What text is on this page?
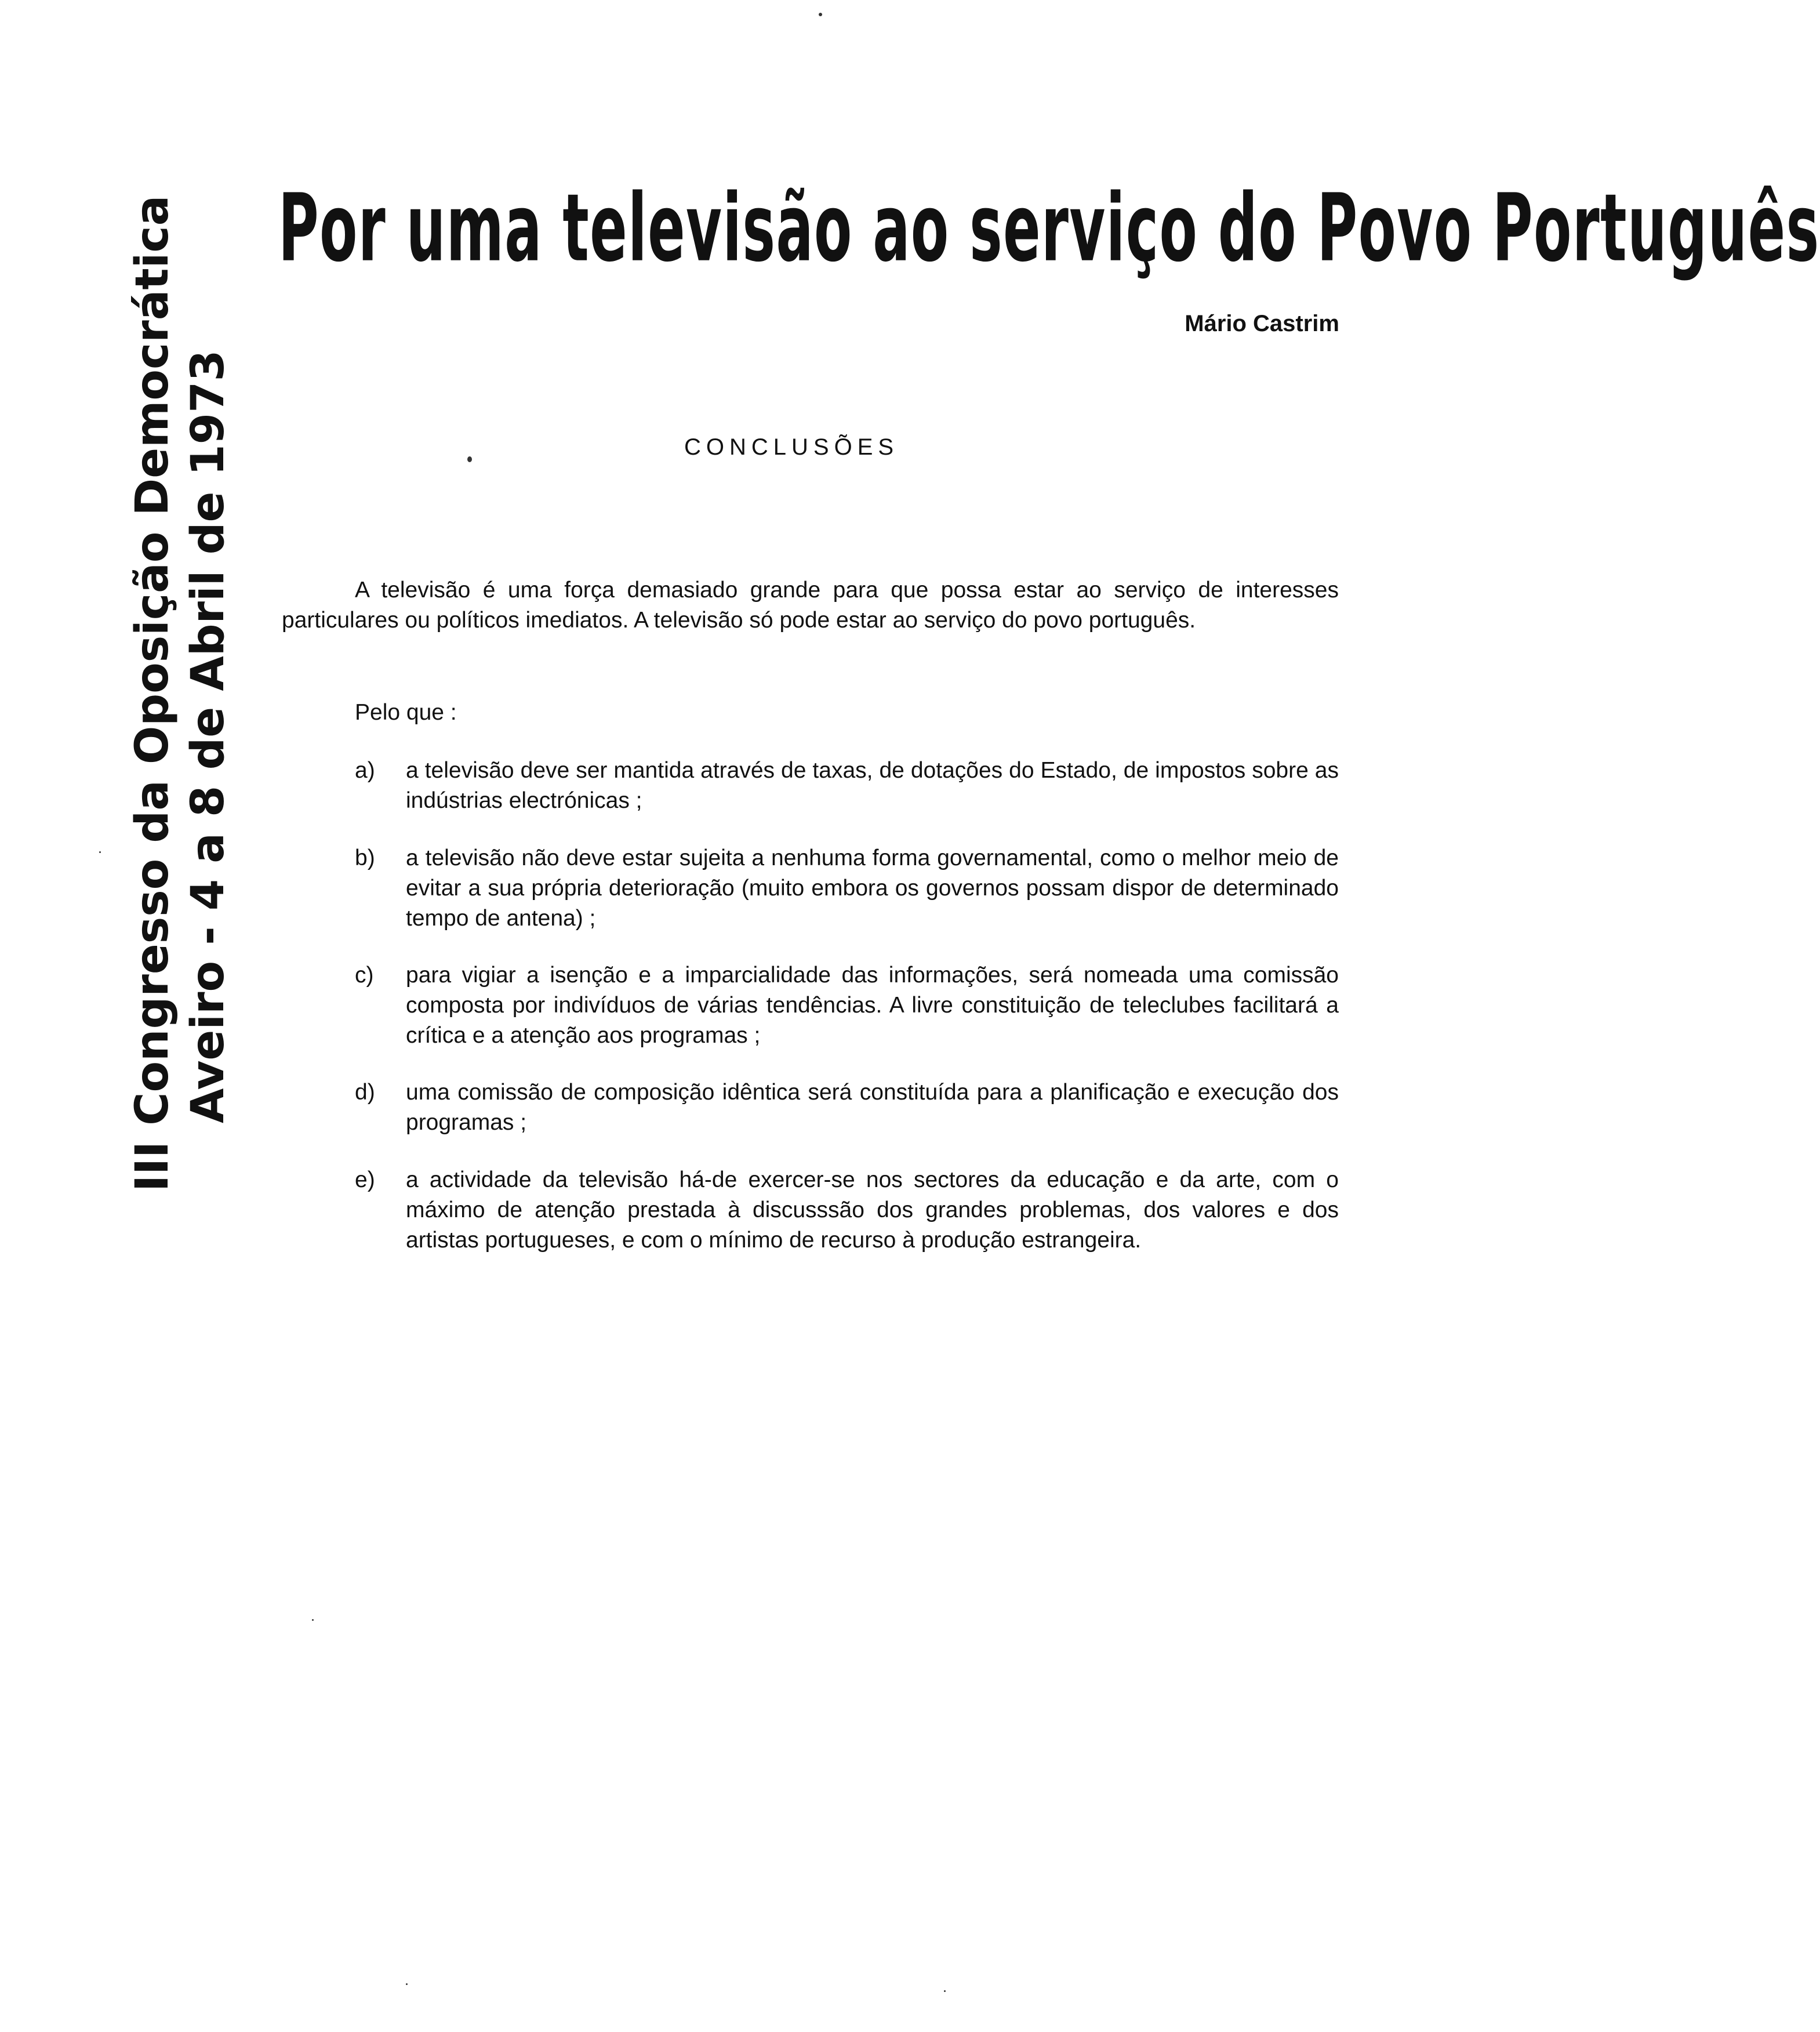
III Congresso da Oposição Democrática Aveiro - 4 a 8 de Abril de 1973
Por uma televisão ao serviço do Povo Português
Mário Castrim
CONCLUSÕES

A televisão é uma força demasiado grande para que possa estar ao serviço de interesses particulares ou políticos imediatos. A televisão só pode estar ao serviço do povo português.

Pelo que :
a)	a televisão deve ser mantida através de taxas, de dotações do Estado, de impostos sobre as indústrias electrónicas ;
b)	a televisão não deve estar sujeita a nenhuma forma governamental, como o melhor meio de evitar a sua própria deterioração (muito embora os governos possam dispor de determinado tempo de antena) ;
c)	para vigiar a isenção e a imparcialidade das informações, será nomeada uma comissão composta por indivíduos de várias tendências. A livre constituição de teleclubes facilitará a crítica e a atenção aos programas ;
d)	uma comissão de composição idêntica será constituída para a planificação e execução dos programas ;
e)	a actividade da televisão há-de exercer-se nos sectores da educação e da arte, com o máximo de atenção prestada à discusssão dos grandes problemas, dos valores e dos artistas portugueses, e com o mínimo de recurso à produção estrangeira.
